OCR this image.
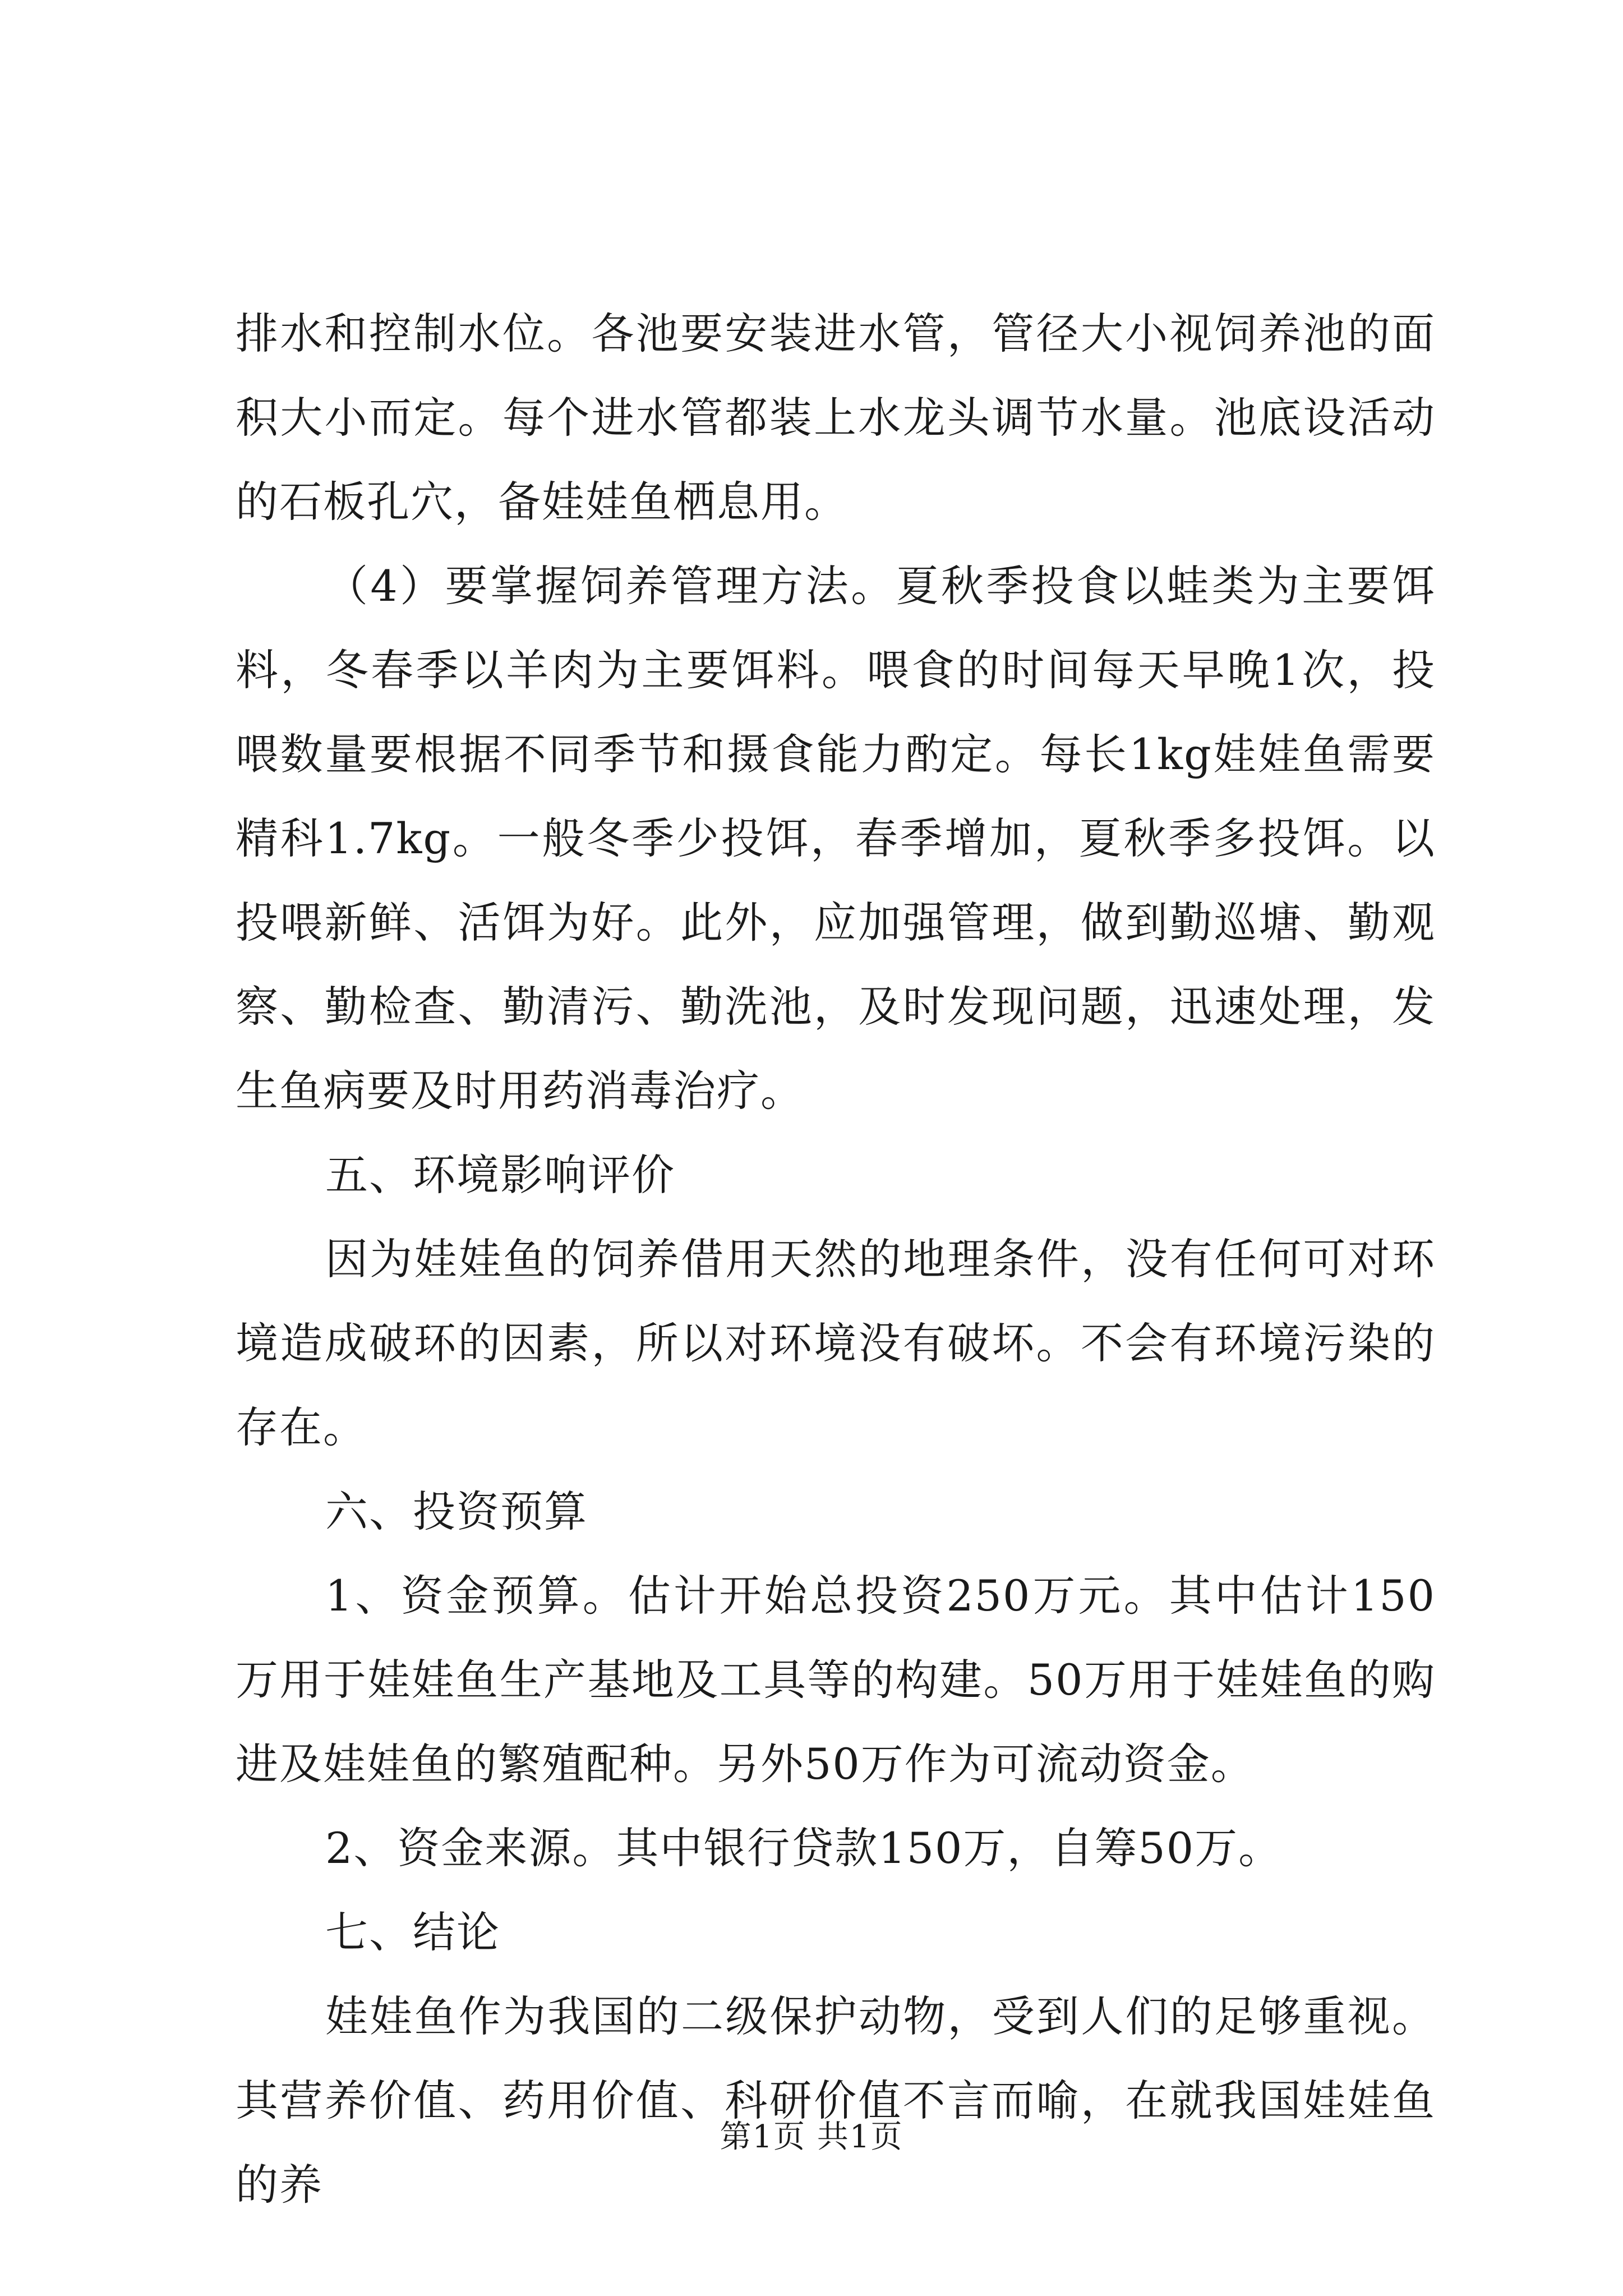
排水和控制水位。各池要安装进水管，管径大小视饲养池的面积大小而定。每个进水管都装上水龙头调节水量。池底设活动的石板孔穴，备娃娃鱼栖息用。

（4）要掌握饲养管理方法。夏秋季投食以蛙类为主要饵料，冬春季以羊肉为主要饵料。喂食的时间每天早晚1次，投喂数量要根据不同季节和摄食能力酌定。每长1kg娃娃鱼需要精科1.7kg。一般冬季少投饵，春季增加，夏秋季多投饵。以投喂新鲜、活饵为好。此外，应加强管理，做到勤巡塘、勤观察、勤检查、勤清污、勤洗池，及时发现问题，迅速处理，发生鱼病要及时用药消毒治疗。

五、环境影响评价

因为娃娃鱼的饲养借用天然的地理条件，没有任何可对环境造成破环的因素，所以对环境没有破坏。不会有环境污染的存在。

六、投资预算

1、资金预算。估计开始总投资250万元。其中估计150万用于娃娃鱼生产基地及工具等的构建。50万用于娃娃鱼的购进及娃娃鱼的繁殖配种。另外50万作为可流动资金。

2、资金来源。其中银行贷款150万，自筹50万。

七、结论

娃娃鱼作为我国的二级保护动物，受到人们的足够重视。其营养价值、药用价值、科研价值不言而喻，在就我国娃娃鱼的养

第1页 共1页
